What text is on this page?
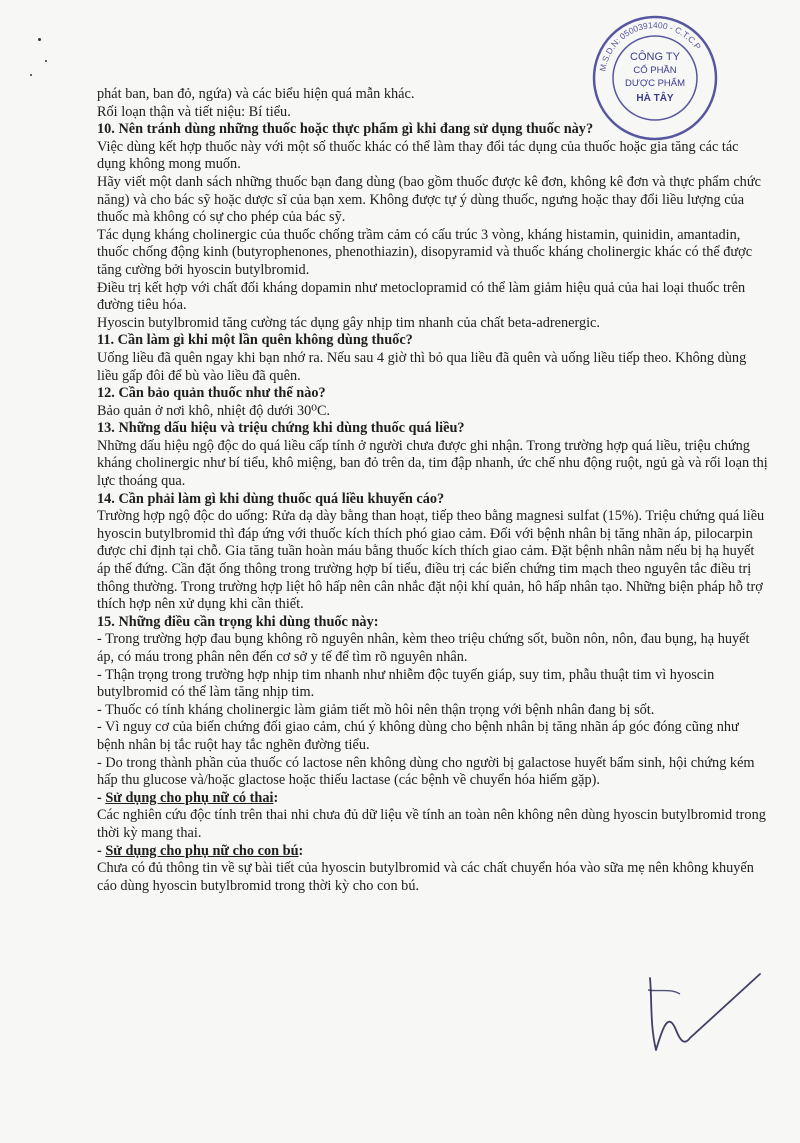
M.S.D.N: 0500391400 - C.T.C.P
CÔNG TY
CỔ PHẦN
DƯỢC PHẨM
HÀ TÂY

phát ban, ban đỏ, ngứa) và các biểu hiện quá mẫn khác.

Rối loạn thận và tiết niệu: Bí tiểu.

10. Nên tránh dùng những thuốc hoặc thực phẩm gì khi đang sử dụng thuốc này?

Việc dùng kết hợp thuốc này với một số thuốc khác có thể làm thay đổi tác dụng của thuốc hoặc gia tăng các tác dụng không mong muốn.

Hãy viết một danh sách những thuốc bạn đang dùng (bao gồm thuốc được kê đơn, không kê đơn và thực phẩm chức năng) và cho bác sỹ hoặc dược sĩ của bạn xem. Không được tự ý dùng thuốc, ngưng hoặc thay đổi liều lượng của thuốc mà không có sự cho phép của bác sỹ.

Tác dụng kháng cholinergic của thuốc chống trầm cảm có cấu trúc 3 vòng, kháng histamin, quinidin, amantadin, thuốc chống động kinh (butyrophenones, phenothiazin), disopyramid và thuốc kháng cholinergic khác có thể được tăng cường bởi hyoscin butylbromid.

Điều trị kết hợp với chất đối kháng dopamin như metoclopramid có thể làm giảm hiệu quả của hai loại thuốc trên đường tiêu hóa.

Hyoscin butylbromid tăng cường tác dụng gây nhịp tim nhanh của chất beta-adrenergic.

11. Cần làm gì khi một lần quên không dùng thuốc?

Uống liều đã quên ngay khi bạn nhớ ra. Nếu sau 4 giờ thì bỏ qua liều đã quên và uống liều tiếp theo. Không dùng liều gấp đôi để bù vào liều đã quên.

12. Cần bảo quản thuốc như thế nào?

Bảo quản ở nơi khô, nhiệt độ dưới 30⁰C.

13. Những dấu hiệu và triệu chứng khi dùng thuốc quá liều?

Những dấu hiệu ngộ độc do quá liều cấp tính ở người chưa được ghi nhận. Trong trường hợp quá liều, triệu chứng kháng cholinergic như bí tiểu, khô miệng, ban đỏ trên da, tim đập nhanh, ức chế nhu động ruột, ngủ gà và rối loạn thị lực thoáng qua.

14. Cần phải làm gì khi dùng thuốc quá liều khuyến cáo?

Trường hợp ngộ độc do uống: Rửa dạ dày bằng than hoạt, tiếp theo bằng magnesi sulfat (15%). Triệu chứng quá liều hyoscin butylbromid thì đáp ứng với thuốc kích thích phó giao cảm. Đối với bệnh nhân bị tăng nhãn áp, pilocarpin được chỉ định tại chỗ. Gia tăng tuần hoàn máu bằng thuốc kích thích giao cảm. Đặt bệnh nhân nằm nếu bị hạ huyết áp thế đứng. Cần đặt ống thông trong trường hợp bí tiểu, điều trị các biến chứng tim mạch theo nguyên tắc điều trị thông thường. Trong trường hợp liệt hô hấp nên cân nhắc đặt nội khí quản, hô hấp nhân tạo. Những biện pháp hỗ trợ thích hợp nên xử dụng khi cần thiết.

15. Những điều cần trọng khi dùng thuốc này:

- Trong trường hợp đau bụng không rõ nguyên nhân, kèm theo triệu chứng sốt, buồn nôn, nôn, đau bụng, hạ huyết áp, có máu trong phân nên đến cơ sở y tế để tìm rõ nguyên nhân.

- Thận trọng trong trường hợp nhịp tim nhanh như nhiễm độc tuyến giáp, suy tim, phẫu thuật tim vì hyoscin butylbromid có thể làm tăng nhịp tim.

- Thuốc có tính kháng cholinergic làm giảm tiết mồ hôi nên thận trọng với bệnh nhân đang bị sốt.

- Vì nguy cơ của biến chứng đối giao cảm, chú ý không dùng cho bệnh nhân bị tăng nhãn áp góc đóng cũng như bệnh nhân bị tắc ruột hay tắc nghẽn đường tiểu.

- Do trong thành phần của thuốc có lactose nên không dùng cho người bị galactose huyết bẩm sinh, hội chứng kém hấp thu glucose và/hoặc glactose hoặc thiếu lactase (các bệnh về chuyển hóa hiếm gặp).

- Sử dụng cho phụ nữ có thai:

Các nghiên cứu độc tính trên thai nhi chưa đủ dữ liệu về tính an toàn nên không nên dùng hyoscin butylbromid trong thời kỳ mang thai.

- Sử dụng cho phụ nữ cho con bú:

Chưa có đủ thông tin về sự bài tiết của hyoscin butylbromid và các chất chuyển hóa vào sữa mẹ nên không khuyến cáo dùng hyoscin butylbromid trong thời kỳ cho con bú.
